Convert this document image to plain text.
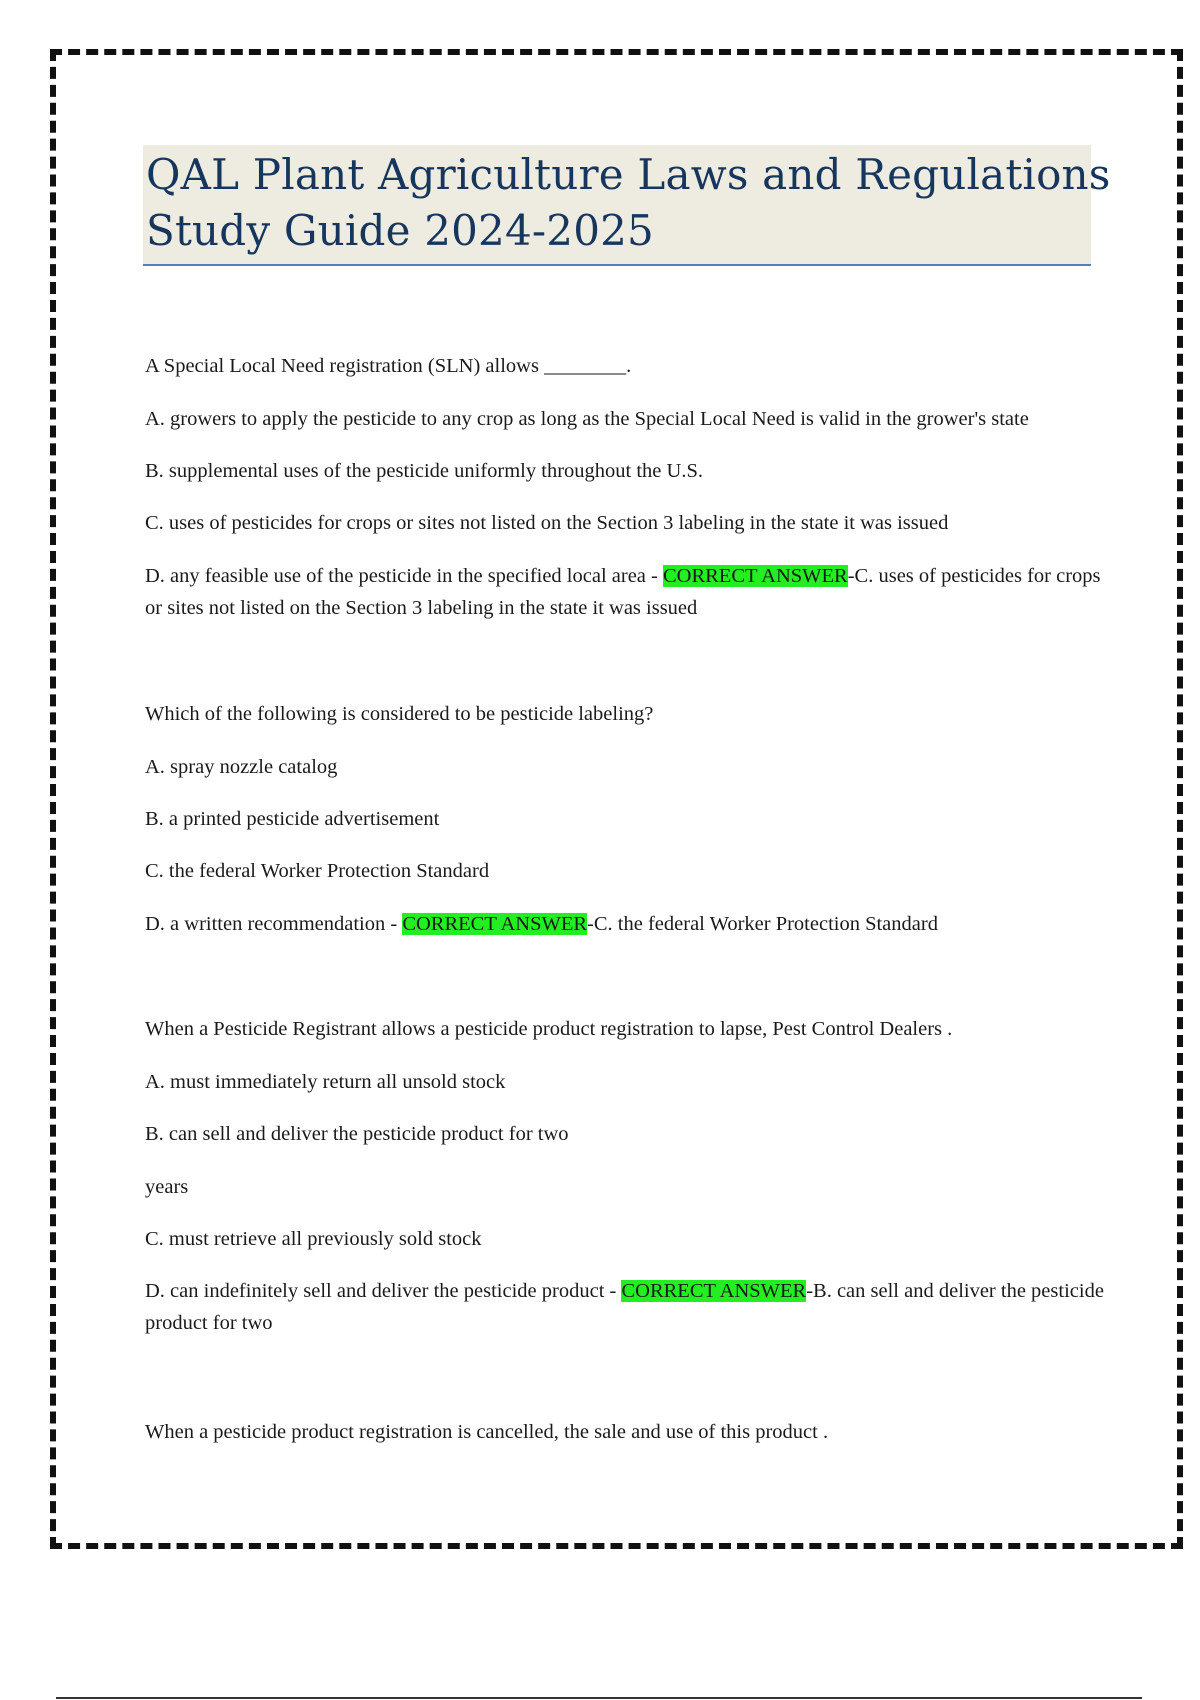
QAL Plant Agriculture Laws and Regulations
Study Guide 2024-2025
A Special Local Need registration (SLN) allows ________.
A. growers to apply the pesticide to any crop as long as the Special Local Need is valid in the grower's state
B. supplemental uses of the pesticide uniformly throughout the U.S.
C. uses of pesticides for crops or sites not listed on the Section 3 labeling in the state it was issued
D. any feasible use of the pesticide in the specified local area - CORRECT ANSWER-C. uses of pesticides for crops or sites not listed on the Section 3 labeling in the state it was issued
Which of the following is considered to be pesticide labeling?
A. spray nozzle catalog
B. a printed pesticide advertisement
C. the federal Worker Protection Standard
D. a written recommendation - CORRECT ANSWER-C. the federal Worker Protection Standard
When a Pesticide Registrant allows a pesticide product registration to lapse, Pest Control Dealers .
A. must immediately return all unsold stock
B. can sell and deliver the pesticide product for two
years
C. must retrieve all previously sold stock
D. can indefinitely sell and deliver the pesticide product - CORRECT ANSWER-B. can sell and deliver the pesticide product for two
When a pesticide product registration is cancelled, the sale and use of this product .
